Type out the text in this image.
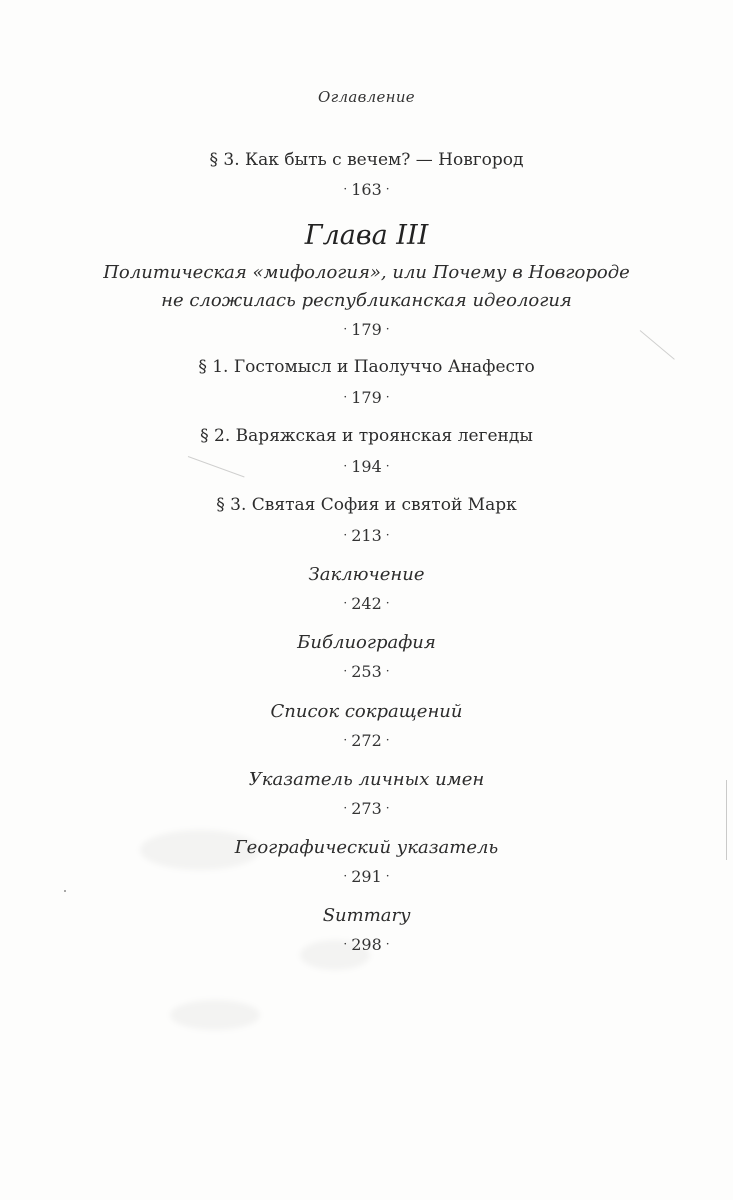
Оглавление
§ 3. Как быть с вечем? — Новгород
· 163 ·
Глава III
Политическая «мифология», или Почему в Новгороде
не сложилась республиканская идеология
· 179 ·
§ 1. Гостомысл и Паолуччо Анафесто
· 179 ·
§ 2. Варяжская и троянская легенды
· 194 ·
§ 3. Святая София и святой Марк
· 213 ·
Заключение
· 242 ·
Библиография
· 253 ·
Список сокращений
· 272 ·
Указатель личных имен
· 273 ·
Географический указатель
· 291 ·
Summary
· 298 ·
